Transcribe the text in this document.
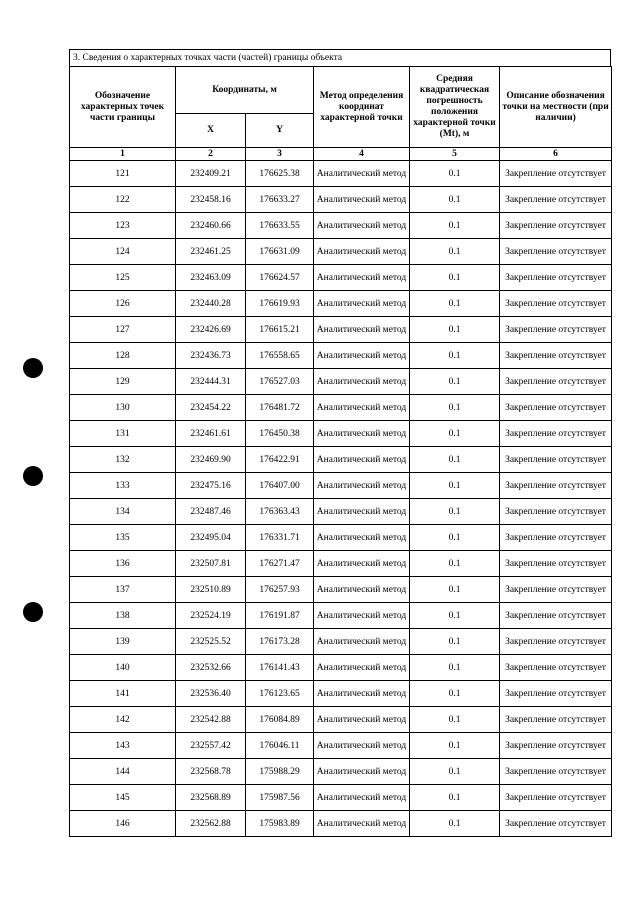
3. Сведения о характерных точках части (частей) границы объекта
Обозначение характерных точек части границы	Координаты, м		Метод определения координат характерной точки	Средняя квадратическая погрешность положения характерной точки (Mt), м	Описание обозначения точки на местности (при наличии)
	X	Y			
1	2	3	4	5	6
121	232409.21	176625.38	Аналитический метод	0.1	Закрепление отсутствует
122	232458.16	176633.27	Аналитический метод	0.1	Закрепление отсутствует
123	232460.66	176633.55	Аналитический метод	0.1	Закрепление отсутствует
124	232461.25	176631.09	Аналитический метод	0.1	Закрепление отсутствует
125	232463.09	176624.57	Аналитический метод	0.1	Закрепление отсутствует
126	232440.28	176619.93	Аналитический метод	0.1	Закрепление отсутствует
127	232426.69	176615.21	Аналитический метод	0.1	Закрепление отсутствует
128	232436.73	176558.65	Аналитический метод	0.1	Закрепление отсутствует
129	232444.31	176527.03	Аналитический метод	0.1	Закрепление отсутствует
130	232454.22	176481.72	Аналитический метод	0.1	Закрепление отсутствует
131	232461.61	176450.38	Аналитический метод	0.1	Закрепление отсутствует
132	232469.90	176422.91	Аналитический метод	0.1	Закрепление отсутствует
133	232475.16	176407.00	Аналитический метод	0.1	Закрепление отсутствует
134	232487.46	176363.43	Аналитический метод	0.1	Закрепление отсутствует
135	232495.04	176331.71	Аналитический метод	0.1	Закрепление отсутствует
136	232507.81	176271.47	Аналитический метод	0.1	Закрепление отсутствует
137	232510.89	176257.93	Аналитический метод	0.1	Закрепление отсутствует
138	232524.19	176191.87	Аналитический метод	0.1	Закрепление отсутствует
139	232525.52	176173.28	Аналитический метод	0.1	Закрепление отсутствует
140	232532.66	176141.43	Аналитический метод	0.1	Закрепление отсутствует
141	232536.40	176123.65	Аналитический метод	0.1	Закрепление отсутствует
142	232542.88	176084.89	Аналитический метод	0.1	Закрепление отсутствует
143	232557.42	176046.11	Аналитический метод	0.1	Закрепление отсутствует
144	232568.78	175988.29	Аналитический метод	0.1	Закрепление отсутствует
145	232568.89	175987.56	Аналитический метод	0.1	Закрепление отсутствует
146	232562.88	175983.89	Аналитический метод	0.1	Закрепление отсутствует
